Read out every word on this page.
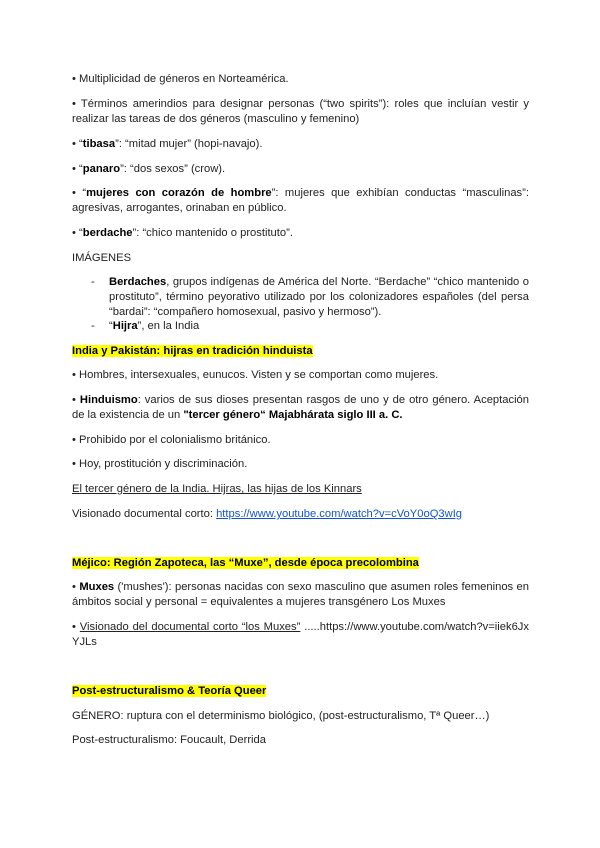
• Multiplicidad de géneros en Norteamérica.

• Términos amerindios para designar personas (“two spirits”): roles que incluían vestir y realizar las tareas de dos géneros (masculino y femenino)

• “tibasa”: “mitad mujer” (hopi-navajo).

• “panaro”: “dos sexos” (crow).

• “mujeres con corazón de hombre”: mujeres que exhibían conductas “masculinas”: agresivas, arrogantes, orinaban en público.

• “berdache”: “chico mantenido o prostituto”.

IMÁGENES

- Berdaches, grupos indígenas de América del Norte. “Berdache” “chico mantenido o prostituto”, término peyorativo utilizado por los colonizadores españoles (del persa “bardai”: “compañero homosexual, pasivo y hermoso”).

- “Hijra”, en la India

India y Pakistán: hijras en tradición hinduista

• Hombres, intersexuales, eunucos. Visten y se comportan como mujeres.

• Hinduismo: varios de sus dioses presentan rasgos de uno y de otro género. Aceptación de la existencia de un "tercer género“ Majabhárata siglo III a. C.

• Prohibido por el colonialismo británico.

• Hoy, prostitución y discriminación.

El tercer género de la India. Hijras, las hijas de los Kinnars

Visionado documental corto: https://www.youtube.com/watch?v=cVoY0oQ3wIg

Méjico: Región Zapoteca, las “Muxe”, desde época precolombina

• Muxes ('mushes'): personas nacidas con sexo masculino que asumen roles femeninos en ámbitos social y personal = equivalentes a mujeres transgénero Los Muxes

• Visionado del documental corto “los Muxes” .....https://www.youtube.com/watch?v=iiek6JxYJLs

Post-estructuralismo & Teoría Queer

GÉNERO: ruptura con el determinismo biológico, (post-estructuralismo, Tª Queer…)

Post-estructuralismo: Foucault, Derrida
